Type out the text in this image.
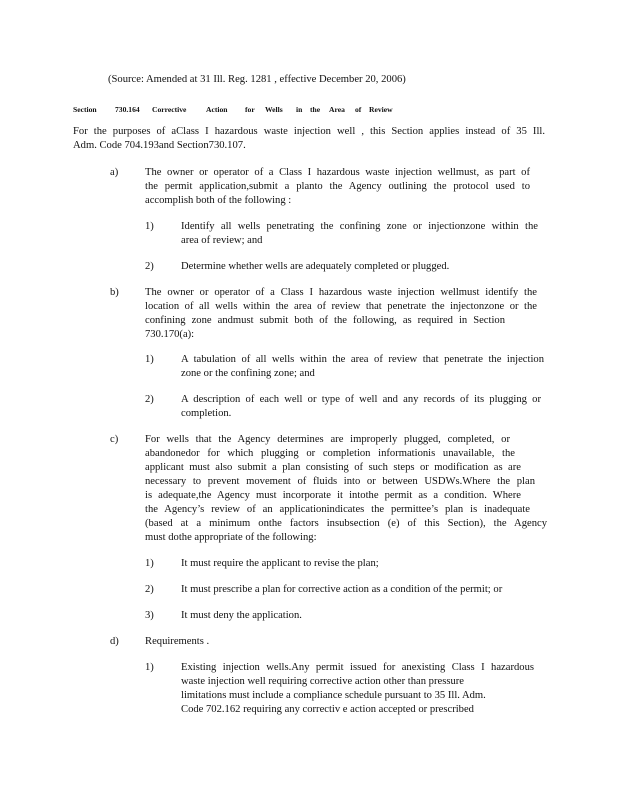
(Source: Amended at 31 Ill. Reg. 1281 , effective December 20, 2006)
Section 730.164 Corrective	Action for Wells in the Area of Review
For the purposes of aClass I hazardous waste injection well , this Section applies instead of 35 Ill.
Adm. Code 704.193and Section730.107.
a)	The owner or operator of a Class I hazardous waste injection wellmust, as part of
the permit application,submit a planto the Agency outlining the protocol used to
accomplish both of the following :
1)	Identify all wells penetrating the confining zone or injectionzone within the
area of review; and
2)	Determine whether wells are adequately completed or plugged.
b) The owner or operator of a Class I hazardous waste injection wellmust identify the
location of all wells within the area of review that penetrate the injectonzone or the
confining zone andmust submit both of the following, as required in Section
730.170(a):
1)	A tabulation of all wells within the area of review that penetrate the injection
zone or the confining zone; and
2)	A description of each well or type of well and any records of its plugging or
completion.
c)	For wells that the Agency determines are improperly plugged, completed, or
abandonedor for which plugging or completion informationis unavailable, the
applicant must also submit a plan consisting of such steps or modification as are
necessary to prevent movement of fluids into or between USDWs.Where the plan
is adequate,the Agency must incorporate it intothe permit as a condition. Where
the Agency’s review of an applicationindicates the permittee’s plan is inadequate
(based at a minimum onthe factors insubsection (e) of this Section), the Agency
must dothe appropriate of the following:
1)	It must require the applicant to revise the plan;
2)	It must prescribe a plan for corrective action as a condition of the permit; or
3)	It must deny the application.
d) Requirements .
1)	Existing injection wells.Any permit issued for anexisting Class I hazardous
waste injection well requiring corrective action other than pressure
limitations must include a compliance schedule pursuant to 35 Ill. Adm.
Code 702.162 requiring any correctiv e action accepted or prescribed
